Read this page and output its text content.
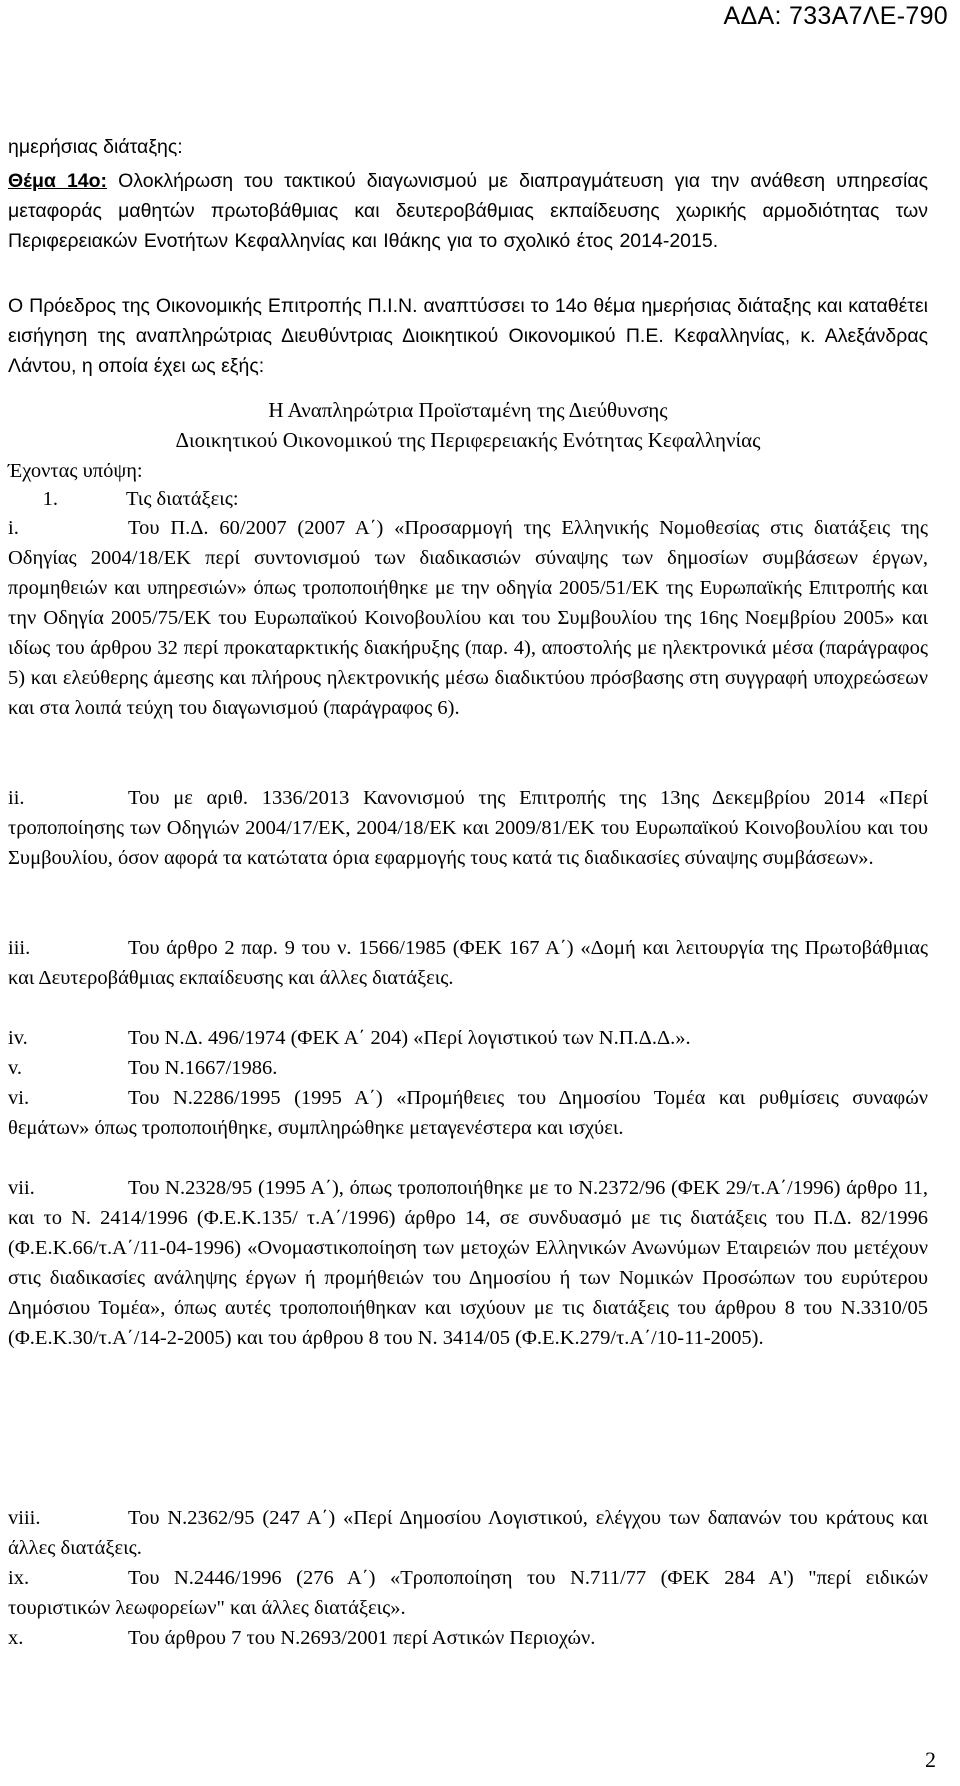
ΑΔΑ: 733Α7ΛΕ-790
ημερήσιας διάταξης:
Θέμα 14ο: Ολοκλήρωση του τακτικού διαγωνισμού με διαπραγμάτευση για την ανάθεση υπηρεσίας μεταφοράς μαθητών πρωτοβάθμιας και δευτεροβάθμιας εκπαίδευσης χωρικής αρμοδιότητας των Περιφερειακών Ενοτήτων Κεφαλληνίας και Ιθάκης για το σχολικό έτος 2014-2015.
Ο Πρόεδρος της Οικονομικής Επιτροπής Π.Ι.Ν. αναπτύσσει το 14ο θέμα ημερήσιας διάταξης και καταθέτει εισήγηση της αναπληρώτριας Διευθύντριας Διοικητικού Οικονομικού Π.Ε. Κεφαλληνίας, κ. Αλεξάνδρας Λάντου, η οποία έχει ως εξής:
Η Αναπληρώτρια Προϊσταμένη της Διεύθυνσης
Διοικητικού Οικονομικού της Περιφερειακής Ενότητας Κεφαλληνίας
Έχοντας υπόψη:
1.	Τις διατάξεις:
i.	Του Π.Δ. 60/2007 (2007 Α΄) «Προσαρμογή της Ελληνικής Νομοθεσίας στις διατάξεις της Οδηγίας 2004/18/ΕΚ περί συντονισμού των διαδικασιών σύναψης των δημοσίων συμβάσεων έργων, προμηθειών και υπηρεσιών» όπως τροποποιήθηκε με την οδηγία 2005/51/ΕΚ της Ευρωπαϊκής Επιτροπής και την Οδηγία 2005/75/ΕΚ του Ευρωπαϊκού Κοινοβουλίου και του Συμβουλίου της 16ης Νοεμβρίου 2005» και ιδίως του άρθρου 32 περί προκαταρκτικής διακήρυξης (παρ. 4), αποστολής με ηλεκτρονικά μέσα (παράγραφος 5) και ελεύθερης άμεσης και πλήρους ηλεκτρονικής μέσω διαδικτύου πρόσβασης στη συγγραφή υποχρεώσεων και στα λοιπά τεύχη του διαγωνισμού (παράγραφος 6).
ii.	Του με αριθ. 1336/2013 Κανονισμού της Επιτροπής της 13ης Δεκεμβρίου 2014 «Περί τροποποίησης των Οδηγιών 2004/17/ΕΚ, 2004/18/ΕΚ και 2009/81/ΕΚ του Ευρωπαϊκού Κοινοβουλίου και του Συμβουλίου, όσον αφορά τα κατώτατα όρια εφαρμογής τους κατά τις διαδικασίες σύναψης συμβάσεων».
iii.	Του άρθρο 2 παρ. 9 του ν. 1566/1985 (ΦΕΚ 167 Α΄) «Δομή και λειτουργία της Πρωτοβάθμιας και Δευτεροβάθμιας εκπαίδευσης και άλλες διατάξεις.
iv.	Του Ν.Δ. 496/1974 (ΦΕΚ Α΄ 204) «Περί λογιστικού των Ν.Π.Δ.Δ.».
v.	Του Ν.1667/1986.
vi.	Του Ν.2286/1995 (1995 Α΄) «Προμήθειες του Δημοσίου Τομέα και ρυθμίσεις συναφών θεμάτων» όπως τροποποιήθηκε, συμπληρώθηκε μεταγενέστερα και ισχύει.
vii.	Του Ν.2328/95 (1995 Α΄), όπως τροποποιήθηκε με το Ν.2372/96 (ΦΕΚ 29/τ.Α΄/1996) άρθρο 11, και το Ν. 2414/1996 (Φ.Ε.Κ.135/ τ.Α΄/1996) άρθρο 14, σε συνδυασμό με τις διατάξεις του Π.Δ. 82/1996 (Φ.Ε.Κ.66/τ.Α΄/11-04-1996) «Ονομαστικοποίηση των μετοχών Ελληνικών Ανωνύμων Εταιρειών που μετέχουν στις διαδικασίες ανάληψης έργων ή προμήθειών του Δημοσίου ή των Νομικών Προσώπων του ευρύτερου Δημόσιου Τομέα», όπως αυτές τροποποιήθηκαν και ισχύουν με τις διατάξεις του άρθρου 8 του Ν.3310/05 (Φ.Ε.Κ.30/τ.Α΄/14-2-2005) και του άρθρου 8 του Ν. 3414/05 (Φ.Ε.Κ.279/τ.Α΄/10-11-2005).
viii.	Του Ν.2362/95 (247 Α΄) «Περί Δημοσίου Λογιστικού, ελέγχου των δαπανών του κράτους και άλλες διατάξεις.
ix.	Του Ν.2446/1996 (276 Α΄) «Τροποποίηση του Ν.711/77 (ΦΕΚ 284 Α') "περί ειδικών τουριστικών λεωφορείων" και άλλες διατάξεις».
x.	Του άρθρου 7 του Ν.2693/2001 περί Αστικών Περιοχών.
2
